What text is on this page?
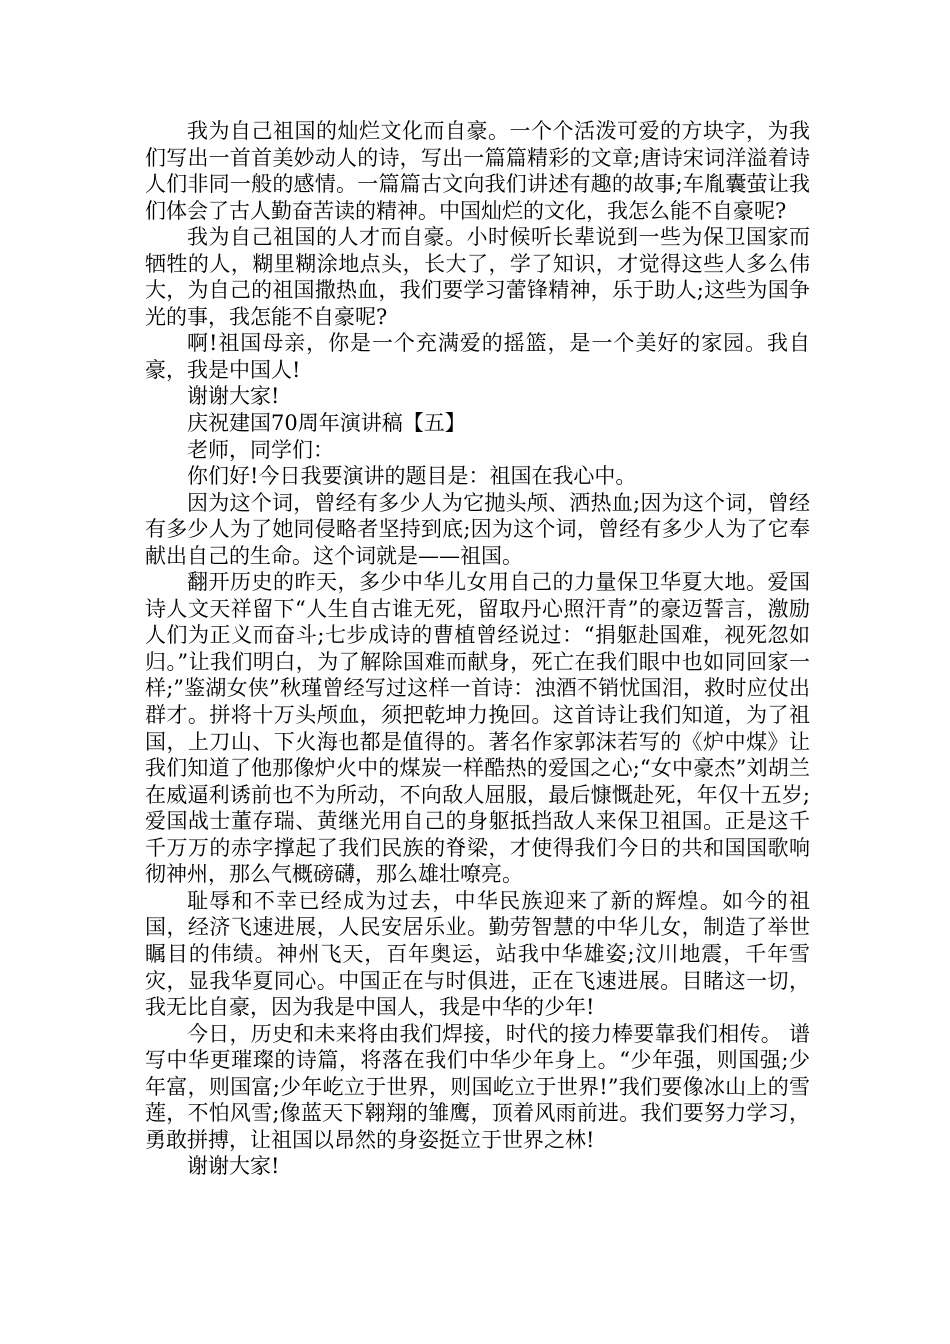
我为自己祖国的灿烂文化而自豪。一个个活泼可爱的方块字，为我们写出一首首美妙动人的诗，写出一篇篇精彩的文章;唐诗宋词洋溢着诗人们非同一般的感情。一篇篇古文向我们讲述有趣的故事;车胤囊萤让我们体会了古人勤奋苦读的精神。中国灿烂的文化，我怎么能不自豪呢?

我为自己祖国的人才而自豪。小时候听长辈说到一些为保卫国家而牺牲的人，糊里糊涂地点头，长大了，学了知识，才觉得这些人多么伟大，为自己的祖国撒热血，我们要学习蕾锋精神，乐于助人;这些为国争光的事，我怎能不自豪呢?

啊!祖国母亲，你是一个充满爱的摇篮，是一个美好的家园。我自豪，我是中国人!

谢谢大家!

庆祝建国70周年演讲稿【五】

老师，同学们：

你们好!今日我要演讲的题目是：祖国在我心中。

因为这个词，曾经有多少人为它抛头颅、洒热血;因为这个词，曾经有多少人为了她同侵略者坚持到底;因为这个词，曾经有多少人为了它奉献出自己的生命。这个词就是——祖国。

翻开历史的昨天，多少中华儿女用自己的力量保卫华夏大地。爱国诗人文天祥留下“人生自古谁无死，留取丹心照汗青”的豪迈誓言，激励人们为正义而奋斗;七步成诗的曹植曾经说过：“捐躯赴国难，视死忽如归。”让我们明白，为了解除国难而献身，死亡在我们眼中也如同回家一样;”鉴湖女侠”秋瑾曾经写过这样一首诗：浊酒不销忧国泪，救时应仗出群才。拼将十万头颅血，须把乾坤力挽回。这首诗让我们知道，为了祖国，上刀山、下火海也都是值得的。著名作家郭沫若写的《炉中煤》让我们知道了他那像炉火中的煤炭一样酷热的爱国之心;“女中豪杰”刘胡兰在威逼利诱前也不为所动，不向敌人屈服，最后慷慨赴死，年仅十五岁;爱国战士董存瑞、黄继光用自己的身躯抵挡敌人来保卫祖国。正是这千千万万的赤字撑起了我们民族的脊梁，才使得我们今日的共和国国歌响彻神州，那么气概磅礴，那么雄壮嘹亮。

耻辱和不幸已经成为过去，中华民族迎来了新的辉煌。如今的祖国，经济飞速进展，人民安居乐业。勤劳智慧的中华儿女，制造了举世瞩目的伟绩。神州飞天，百年奥运，站我中华雄姿;汶川地震，千年雪灾，显我华夏同心。中国正在与时俱进，正在飞速进展。目睹这一切，我无比自豪，因为我是中国人，我是中华的少年!

今日，历史和未来将由我们焊接，时代的接力棒要靠我们相传。 谱写中华更璀璨的诗篇，将落在我们中华少年身上。“少年强，则国强;少年富，则国富;少年屹立于世界，则国屹立于世界!”我们要像冰山上的雪莲，不怕风雪;像蓝天下翱翔的雏鹰，顶着风雨前进。我们要努力学习，勇敢拼搏，让祖国以昂然的身姿挺立于世界之林!

谢谢大家!
